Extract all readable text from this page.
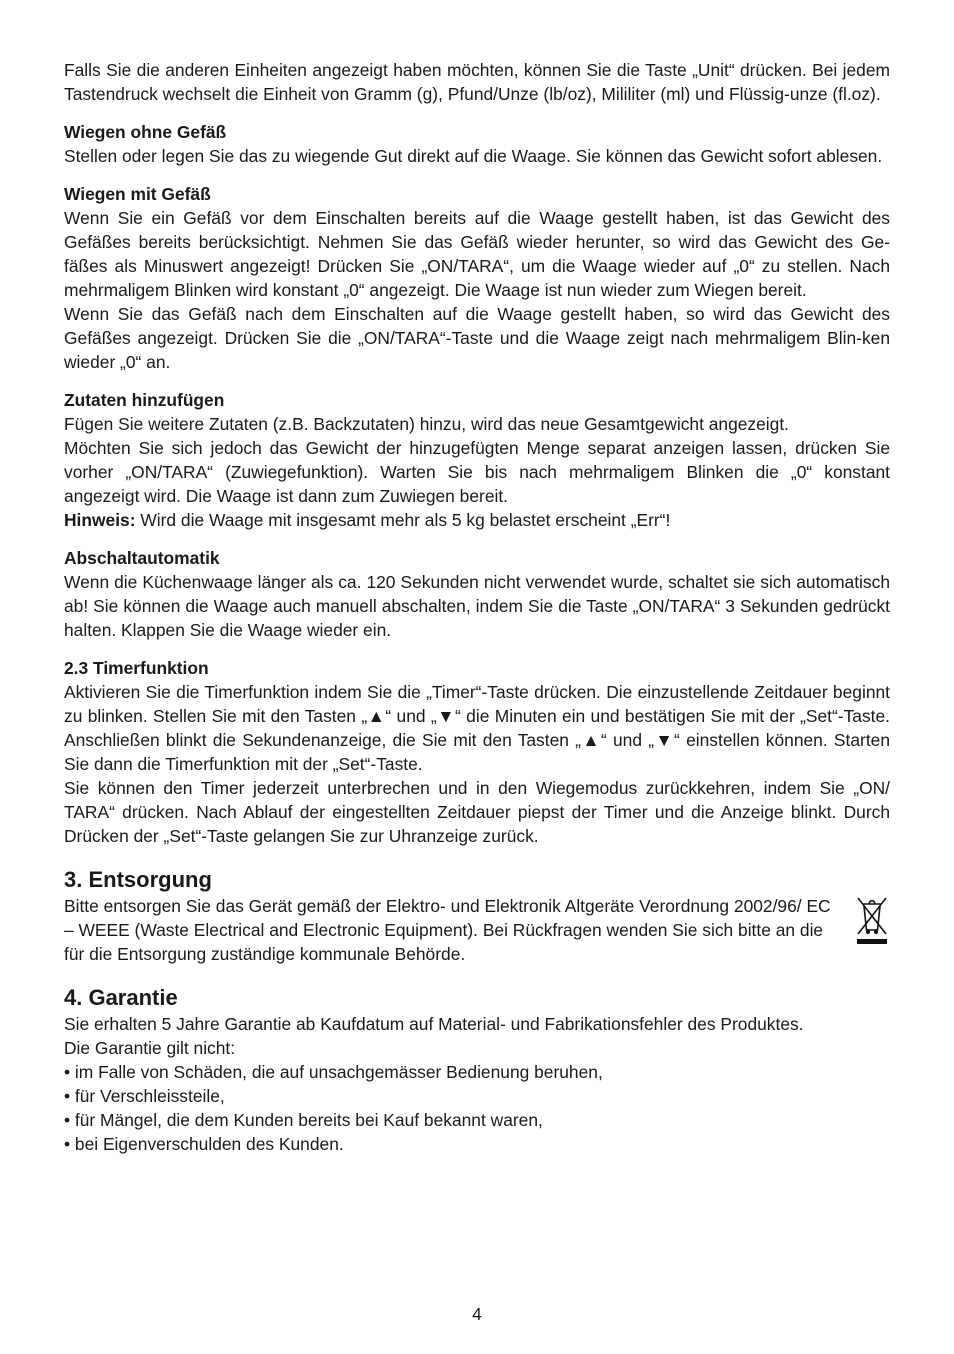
Falls Sie die anderen Einheiten angezeigt haben möchten, können Sie die Taste „Unit“ drücken. Bei jedem Tastendruck wechselt die Einheit von Gramm (g), Pfund/Unze (lb/oz), Mililiter (ml) und Flüssig-unze (fl.oz).

Wiegen ohne Gefäß

Stellen oder legen Sie das zu wiegende Gut direkt auf die Waage. Sie können das Gewicht sofort ablesen.

Wiegen mit Gefäß

Wenn Sie ein Gefäß vor dem Einschalten bereits auf die Waage gestellt haben, ist das Gewicht des Gefäßes bereits berücksichtigt. Nehmen Sie das Gefäß wieder herunter, so wird das Gewicht des Ge-fäßes als Minuswert angezeigt! Drücken Sie „ON/TARA“, um die Waage wieder auf „0“ zu stellen. Nach mehrmaligem Blinken wird konstant „0“ angezeigt. Die Waage ist nun wieder zum Wiegen bereit.

Wenn Sie das Gefäß nach dem Einschalten auf die Waage gestellt haben, so wird das Gewicht des Gefäßes angezeigt. Drücken Sie die „ON/TARA“-Taste und die Waage zeigt nach mehrmaligem Blin-ken wieder „0“ an.

Zutaten hinzufügen

Fügen Sie weitere Zutaten (z.B. Backzutaten) hinzu, wird das neue Gesamtgewicht angezeigt.

Möchten Sie sich jedoch das Gewicht der hinzugefügten Menge separat anzeigen lassen, drücken Sie vorher „ON/TARA“ (Zuwiegefunktion). Warten Sie bis nach mehrmaligem Blinken die „0“ konstant angezeigt wird. Die Waage ist dann zum Zuwiegen bereit.

Hinweis: Wird die Waage mit insgesamt mehr als 5 kg belastet erscheint „Err“!

Abschaltautomatik

Wenn die Küchenwaage länger als ca. 120 Sekunden nicht verwendet wurde, schaltet sie sich automatisch ab! Sie können die Waage auch manuell abschalten, indem Sie die Taste „ON/TARA“ 3 Sekunden gedrückt halten. Klappen Sie die Waage wieder ein.

2.3 Timerfunktion

Aktivieren Sie die Timerfunktion indem Sie die „Timer“-Taste drücken. Die einzustellende Zeitdauer beginnt zu blinken. Stellen Sie mit den Tasten „▲“ und „▼“ die Minuten ein und bestätigen Sie mit der „Set“-Taste. Anschließen blinkt die Sekundenanzeige, die Sie mit den Tasten „▲“ und „▼“ einstellen können. Starten Sie dann die Timerfunktion mit der „Set“-Taste.

Sie können den Timer jederzeit unterbrechen und in den Wiegemodus zurückkehren, indem Sie „ON/ TARA“ drücken. Nach Ablauf der eingestellten Zeitdauer piepst der Timer und die Anzeige blinkt. Durch Drücken der „Set“-Taste gelangen Sie zur Uhranzeige zurück.

3. Entsorgung

Bitte entsorgen Sie das Gerät gemäß der Elektro- und Elektronik Altgeräte Verordnung 2002/96/ EC – WEEE (Waste Electrical and Electronic Equipment). Bei Rückfragen wenden Sie sich bitte an die für die Entsorgung zuständige kommunale Behörde.

4. Garantie

Sie erhalten 5 Jahre Garantie ab Kaufdatum auf Material- und Fabrikationsfehler des Produktes.

Die Garantie gilt nicht:

• im Falle von Schäden, die auf unsachgemässer Bedienung beruhen,
• für Verschleissteile,
• für Mängel, die dem Kunden bereits bei Kauf bekannt waren,
• bei Eigenverschulden des Kunden.
4
